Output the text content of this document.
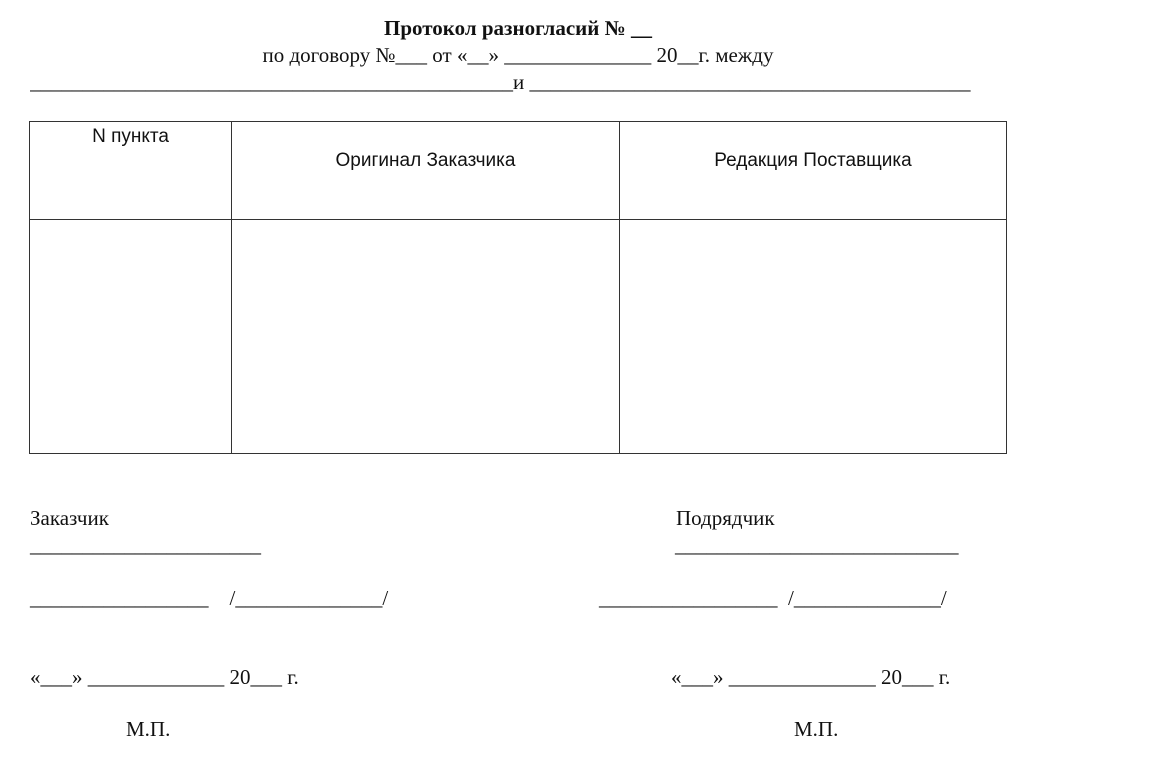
Протокол разногласий № __
по договору №___ от «__» ______________ 20__г. между
______________________________________________и __________________________________________
N пункта	Оригинал Заказчика	Редакция Поставщика

Заказчик
______________________
_________________    /______________/
«___» _____________ 20___ г.
М.П.
Подрядчик
___________________________
_________________  /______________/
«___» ______________ 20___ г.
М.П.
